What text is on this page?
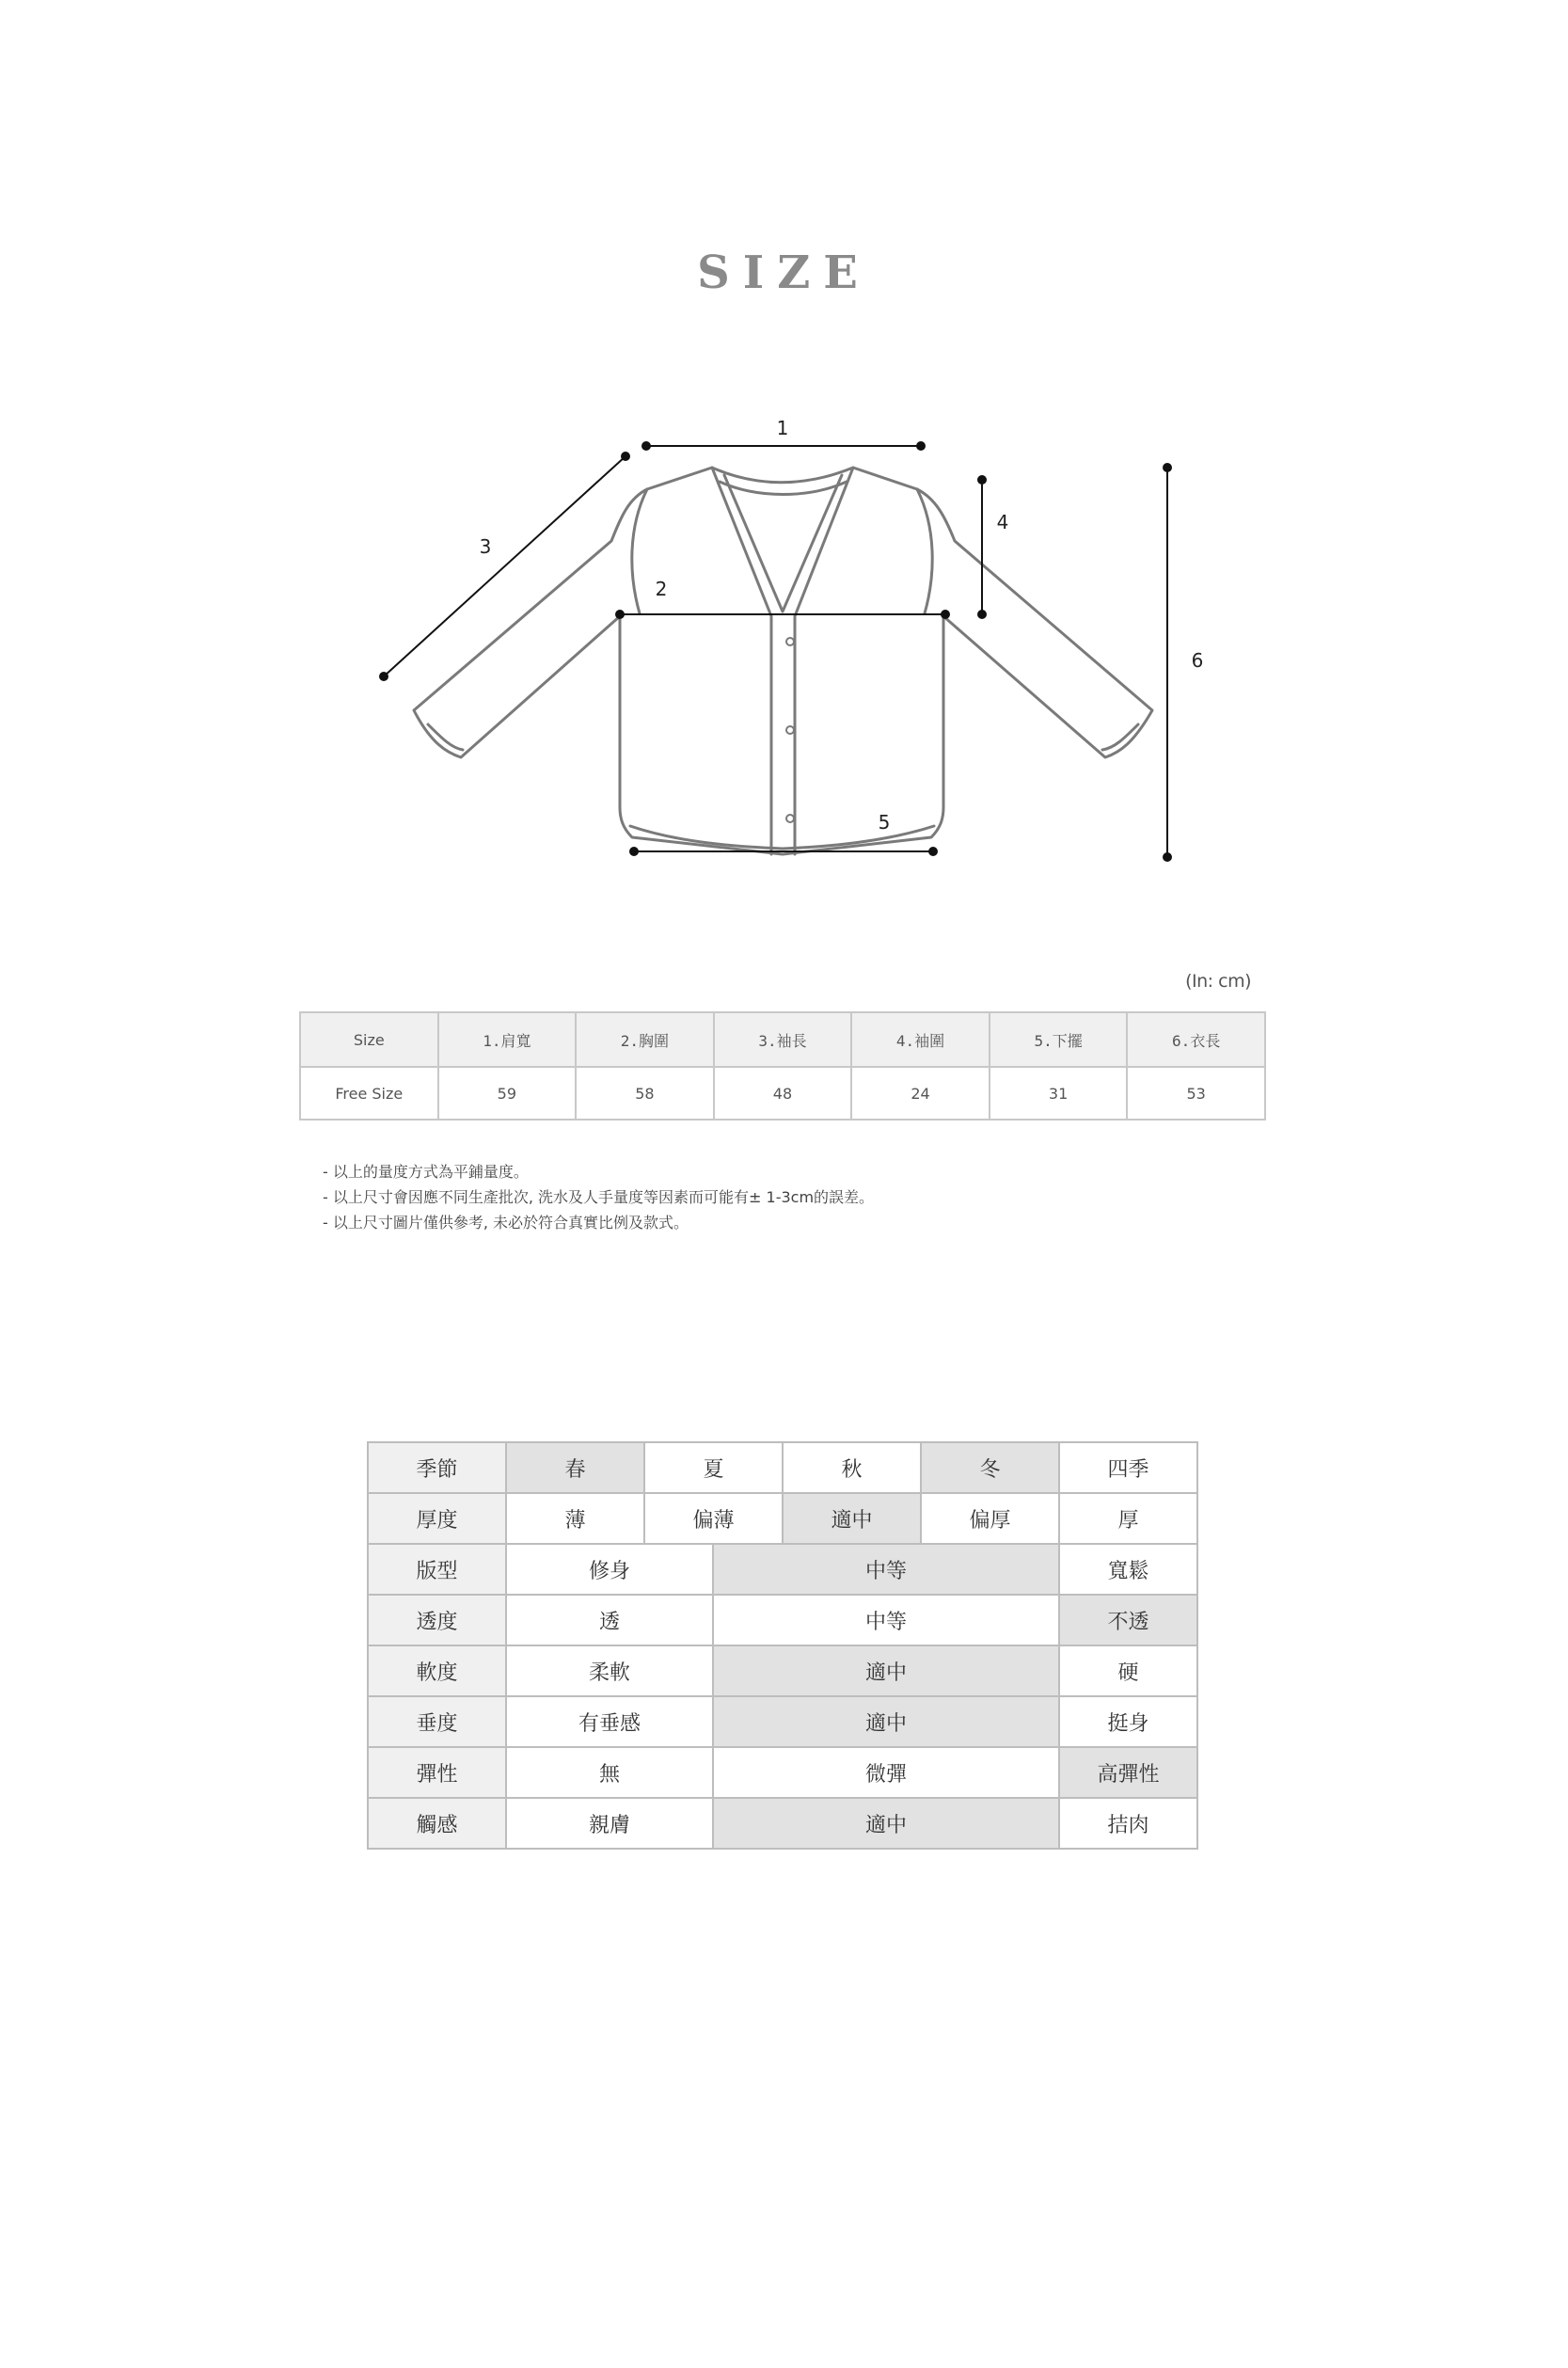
SIZE
1
2
3
4
5
6
(In: cm)
Size	1.肩寬	2.胸圍	3.袖長	4.袖圍	5.下擺	6.衣長
Free Size	59	58	48	24	31	53
- 以上的量度方式為平鋪量度。
- 以上尺寸會因應不同生產批次, 洗水及人手量度等因素而可能有± 1-3cm的誤差。
- 以上尺寸圖片僅供參考, 未必於符合真實比例及款式。
季節	春	夏		秋	冬	四季
厚度	薄	偏薄		適中	偏厚	厚
版型	修身		中等			寬鬆
透度	透		中等			不透
軟度	柔軟		適中			硬
垂度	有垂感		適中			挺身
彈性	無		微彈			高彈性
觸感	親膚		適中			拮肉
